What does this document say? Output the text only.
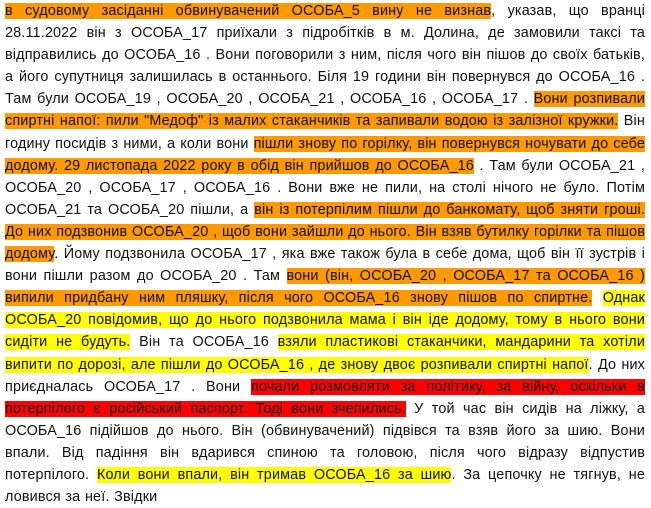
в судовому засіданні обвинувачений ОСОБА_5 вину не визнав, указав, що вранці 28.11.2022 він з ОСОБА_17 приїхали з підробітків в м. Долина, де замовили таксі та відправились до ОСОБА_16 . Вони поговорили з ним, після чого він пішов до своїх батьків, а його супутниця залишилась в останнього. Біля 19 години він повернувся до ОСОБА_16 . Там були ОСОБА_19 , ОСОБА_20 , ОСОБА_21 , ОСОБА_16 , ОСОБА_17 . Вони розпивали спиртні напої: пили "Медоф" із малих стаканчиків та запивали водою із залізної кружки. Він годину посидів з ними, а коли вони пішли знову по горілку, він повернувся ночувати до себе додому. 29 листопада 2022 року в обід він прийшов до ОСОБА_16 . Там були ОСОБА_21 , ОСОБА_20 , ОСОБА_17 , ОСОБА_16 . Вони вже не пили, на столі нічого не було. Потім ОСОБА_21 та ОСОБА_20 пішли, а він із потерпілим пішли до банкомату, щоб зняти гроші. До них подзвонив ОСОБА_20 , щоб вони зайшли до нього. Він взяв бутилку горілки та пішов додому. Йому подзвонила ОСОБА_17 , яка вже також була в себе дома, щоб він її зустрів і вони пішли разом до ОСОБА_20 . Там вони (він, ОСОБА_20 , ОСОБА_17 та ОСОБА_16 ) випили придбану ним пляшку, після чого ОСОБА_16 знову пішов по спиртне. Однак ОСОБА_20 повідомив, що до нього подзвонила мама і він іде додому, тому в нього вони сидіти не будуть. Він та ОСОБА_16 взяли пластикові стаканчики, мандарини та хотіли випити по дорозі, але пішли до ОСОБА_16 , де знову двоє розпивали спиртні напої. До них приєдналась ОСОБА_17 . Вони почали розмовляти за політику, за війну, оскільки в потерпілого є російський паспорт. Тоді вони зчепились. У той час він сидів на ліжку, а ОСОБА_16 підійшов до нього. Він (обвинувачений) підвівся та взяв його за шию. Вони впали. Від падіння він вдарився спиною та головою, після чого відразу відпустив потерпілого. Коли вони впали, він тримав ОСОБА_16 за шию. За цепочку не тягнув, не ловився за неї. Звідки
